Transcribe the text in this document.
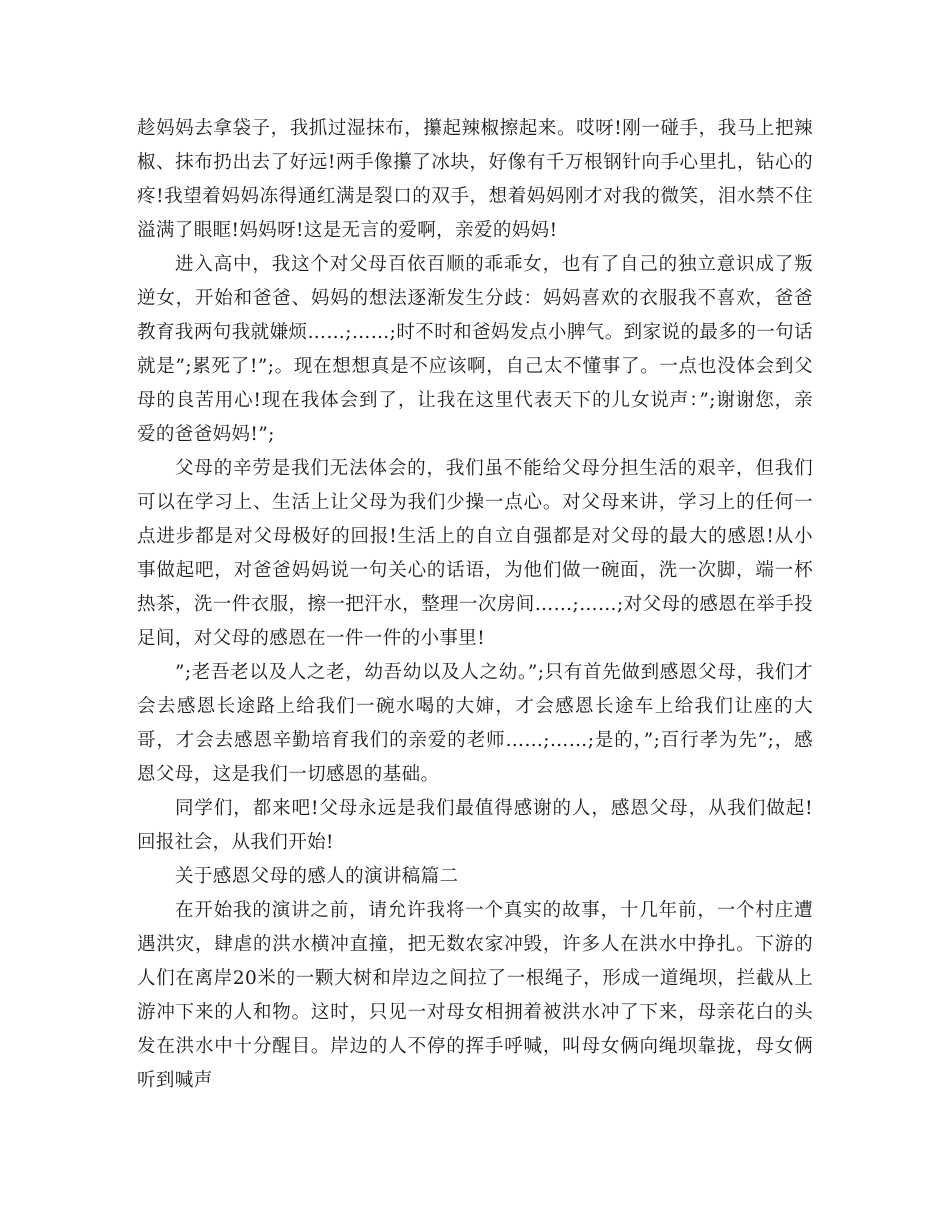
趁妈妈去拿袋子，我抓过湿抹布，攥起辣椒擦起来。哎呀!刚一碰手，我马上把辣椒、抹布扔出去了好远!两手像攥了冰块，好像有千万根钢针向手心里扎，钻心的疼!我望着妈妈冻得通红满是裂口的双手，想着妈妈刚才对我的微笑，泪水禁不住溢满了眼眶!妈妈呀!这是无言的爱啊，亲爱的妈妈!

进入高中，我这个对父母百依百顺的乖乖女，也有了自己的独立意识成了叛逆女，开始和爸爸、妈妈的想法逐渐发生分歧：妈妈喜欢的衣服我不喜欢，爸爸教育我两句我就嫌烦……;……;时不时和爸妈发点小脾气。到家说的最多的一句话就是”;累死了!”;。现在想想真是不应该啊，自己太不懂事了。一点也没体会到父母的良苦用心!现在我体会到了，让我在这里代表天下的儿女说声：”;谢谢您，亲爱的爸爸妈妈!”;

父母的辛劳是我们无法体会的，我们虽不能给父母分担生活的艰辛，但我们可以在学习上、生活上让父母为我们少操一点心。对父母来讲，学习上的任何一点进步都是对父母极好的回报!生活上的自立自强都是对父母的最大的感恩!从小事做起吧，对爸爸妈妈说一句关心的话语，为他们做一碗面，洗一次脚，端一杯热茶，洗一件衣服，擦一把汗水，整理一次房间……;……;对父母的感恩在举手投足间，对父母的感恩在一件一件的小事里!

”;老吾老以及人之老，幼吾幼以及人之幼。”;只有首先做到感恩父母，我们才会去感恩长途路上给我们一碗水喝的大婶，才会感恩长途车上给我们让座的大哥，才会去感恩辛勤培育我们的亲爱的老师……;……;是的，”;百行孝为先”;，感恩父母，这是我们一切感恩的基础。

同学们，都来吧!父母永远是我们最值得感谢的人，感恩父母，从我们做起!回报社会，从我们开始!

关于感恩父母的感人的演讲稿篇二

在开始我的演讲之前，请允许我将一个真实的故事，十几年前，一个村庄遭遇洪灾，肆虐的洪水横冲直撞，把无数农家冲毁，许多人在洪水中挣扎。下游的人们在离岸20米的一颗大树和岸边之间拉了一根绳子，形成一道绳坝，拦截从上游冲下来的人和物。这时，只见一对母女相拥着被洪水冲了下来，母亲花白的头发在洪水中十分醒目。岸边的人不停的挥手呼喊，叫母女俩向绳坝靠拢，母女俩听到喊声
